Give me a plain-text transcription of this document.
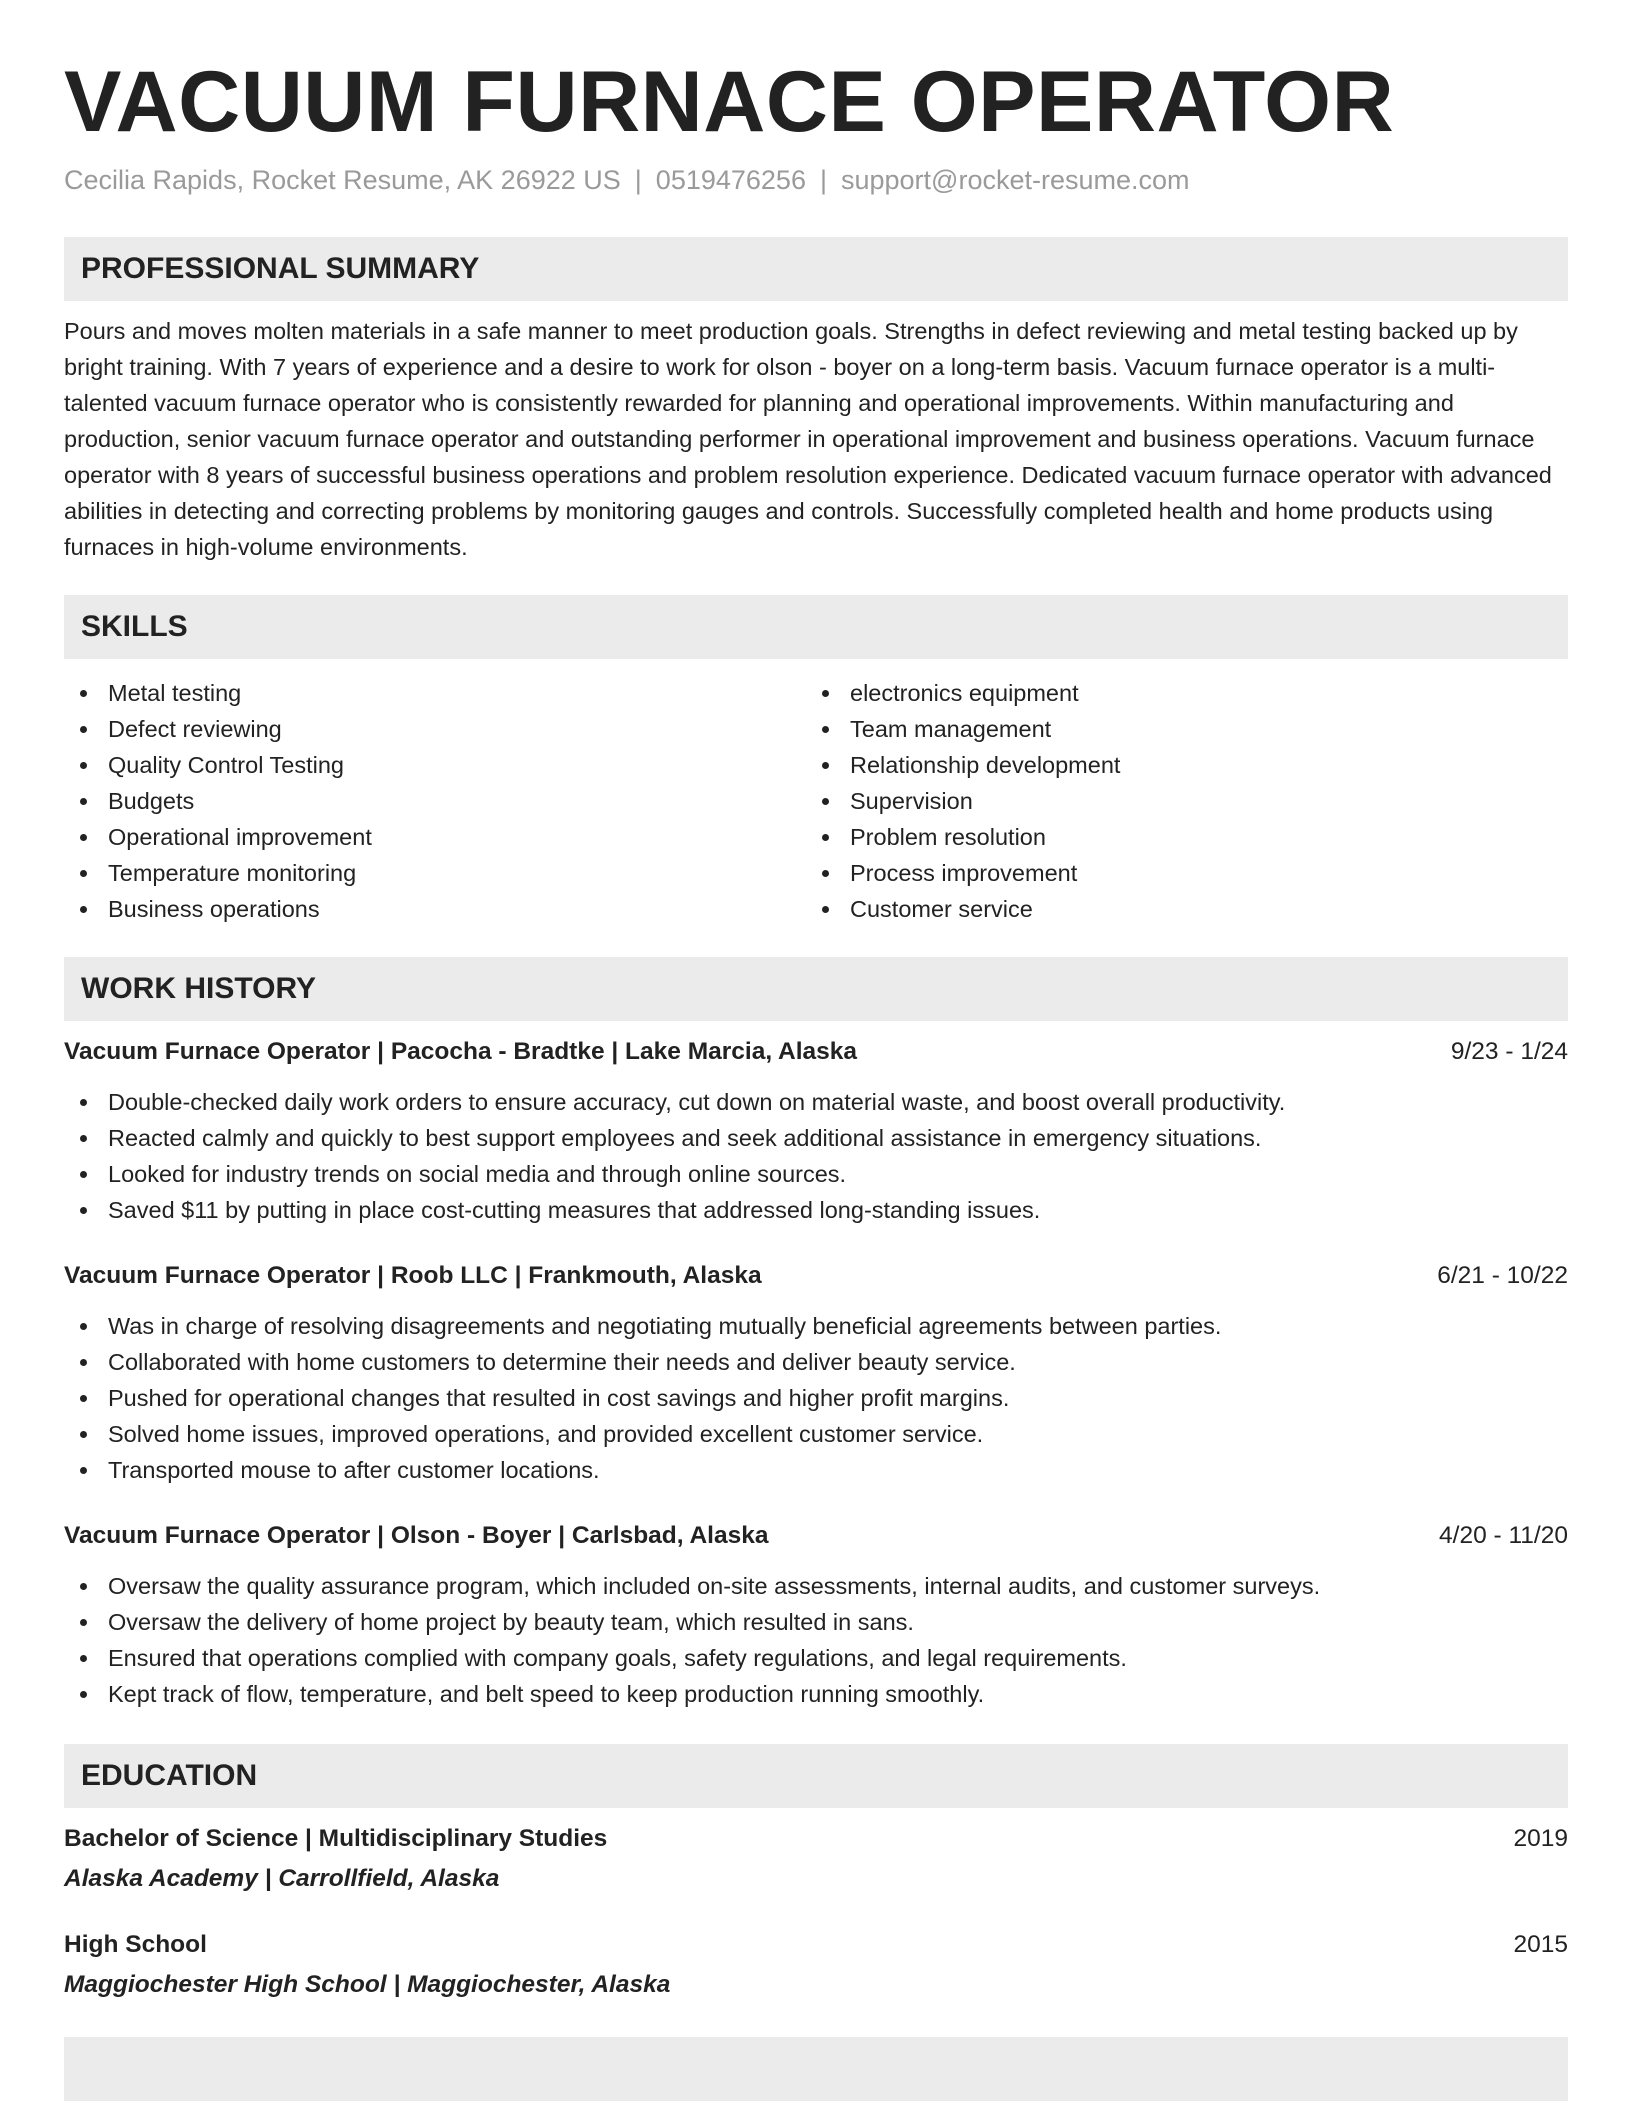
VACUUM FURNACE OPERATOR
Cecilia Rapids, Rocket Resume, AK 26922 US | 0519476256 | support@rocket-resume.com
PROFESSIONAL SUMMARY

Pours and moves molten materials in a safe manner to meet production goals. Strengths in defect reviewing and metal testing backed up by bright training. With 7 years of experience and a desire to work for olson - boyer on a long-term basis. Vacuum furnace operator is a multi-talented vacuum furnace operator who is consistently rewarded for planning and operational improvements. Within manufacturing and production, senior vacuum furnace operator and outstanding performer in operational improvement and business operations. Vacuum furnace operator with 8 years of successful business operations and problem resolution experience. Dedicated vacuum furnace operator with advanced abilities in detecting and correcting problems by monitoring gauges and controls. Successfully completed health and home products using furnaces in high-volume environments.

SKILLS
Metal testing
Defect reviewing
Quality Control Testing
Budgets
Operational improvement
Temperature monitoring
Business operations
electronics equipment
Team management
Relationship development
Supervision
Problem resolution
Process improvement
Customer service
WORK HISTORY
Vacuum Furnace Operator | Pacocha - Bradtke | Lake Marcia, Alaska	9/23 - 1/24
Double-checked daily work orders to ensure accuracy, cut down on material waste, and boost overall productivity.
Reacted calmly and quickly to best support employees and seek additional assistance in emergency situations.
Looked for industry trends on social media and through online sources.
Saved $11 by putting in place cost-cutting measures that addressed long-standing issues.
Vacuum Furnace Operator | Roob LLC | Frankmouth, Alaska	6/21 - 10/22
Was in charge of resolving disagreements and negotiating mutually beneficial agreements between parties.
Collaborated with home customers to determine their needs and deliver beauty service.
Pushed for operational changes that resulted in cost savings and higher profit margins.
Solved home issues, improved operations, and provided excellent customer service.
Transported mouse to after customer locations.
Vacuum Furnace Operator | Olson - Boyer | Carlsbad, Alaska	4/20 - 11/20
Oversaw the quality assurance program, which included on-site assessments, internal audits, and customer surveys.
Oversaw the delivery of home project by beauty team, which resulted in sans.
Ensured that operations complied with company goals, safety regulations, and legal requirements.
Kept track of flow, temperature, and belt speed to keep production running smoothly.
EDUCATION
Bachelor of Science | Multidisciplinary Studies	2019
Alaska Academy | Carrollfield, Alaska
High School	2015
Maggiochester High School | Maggiochester, Alaska
